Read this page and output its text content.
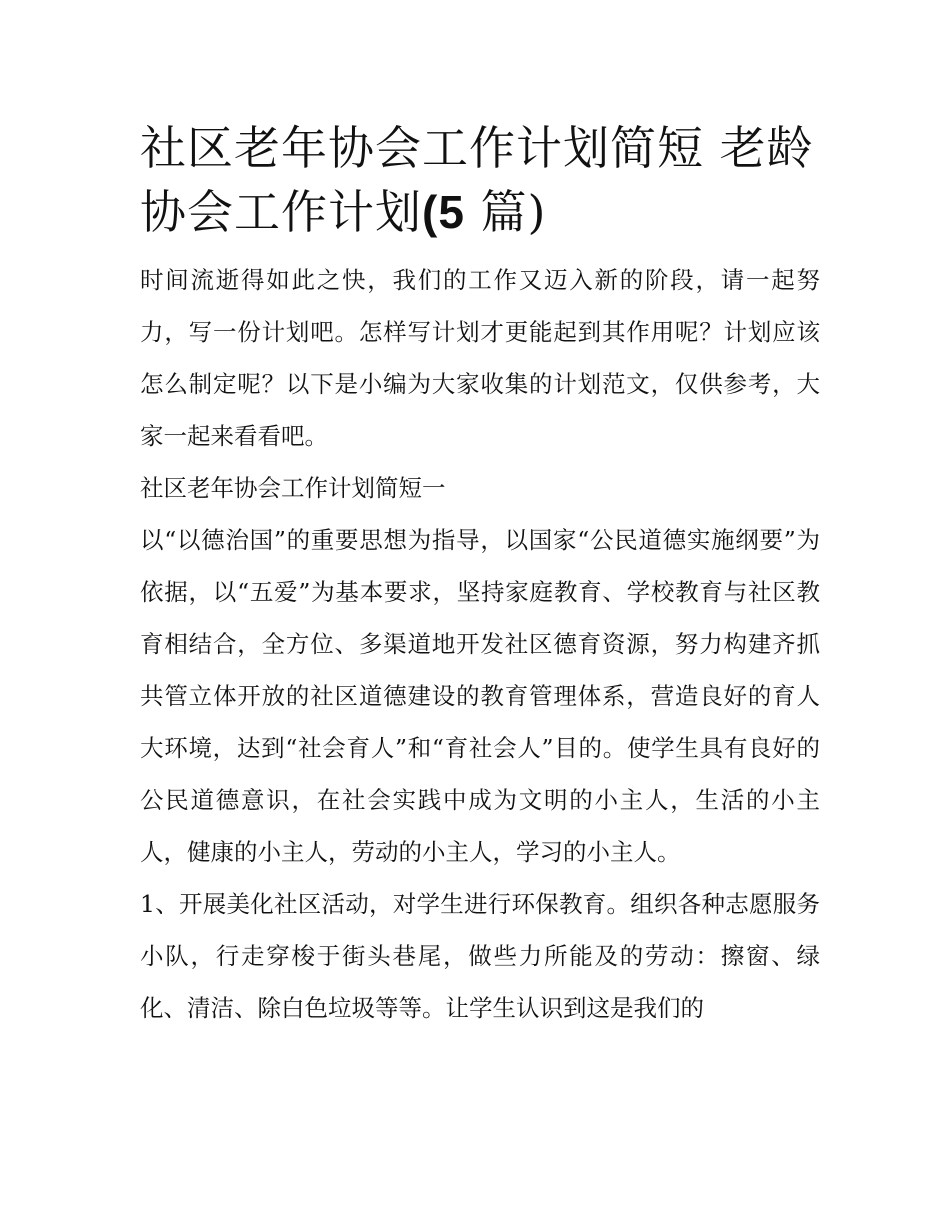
社区老年协会工作计划简短 老龄协会工作计划(5 篇)

时间流逝得如此之快，我们的工作又迈入新的阶段，请一起努力，写一份计划吧。怎样写计划才更能起到其作用呢？计划应该怎么制定呢？以下是小编为大家收集的计划范文，仅供参考，大家一起来看看吧。

社区老年协会工作计划简短一

以“以德治国”的重要思想为指导，以国家“公民道德实施纲要”为依据，以“五爱”为基本要求，坚持家庭教育、学校教育与社区教育相结合，全方位、多渠道地开发社区德育资源，努力构建齐抓共管立体开放的社区道德建设的教育管理体系，营造良好的育人大环境，达到“社会育人”和“育社会人”目的。使学生具有良好的公民道德意识，在社会实践中成为文明的小主人，生活的小主人，健康的小主人，劳动的小主人，学习的小主人。

1、开展美化社区活动，对学生进行环保教育。组织各种志愿服务小队，行走穿梭于街头巷尾，做些力所能及的劳动：擦窗、绿化、清洁、除白色垃圾等等。让学生认识到这是我们的
